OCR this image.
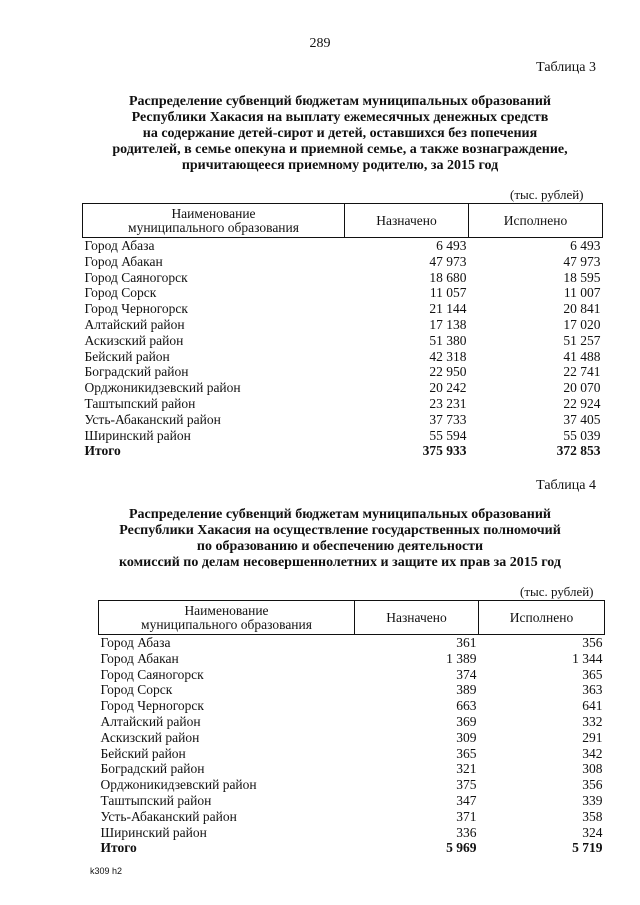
289
Таблица 3
Распределение субвенций бюджетам муниципальных образований
Республики Хакасия на выплату ежемесячных денежных средств
на содержание детей-сирот и детей, оставшихся без попечения
родителей, в семье опекуна и приемной семье, а также вознаграждение,
причитающееся приемному родителю, за 2015 год
(тыс. рублей)
Наименование
муниципального образования	Назначено	Исполнено
Город Абаза	6 493	6 493
Город Абакан	47 973	47 973
Город Саяногорск	18 680	18 595
Город Сорск	11 057	11 007
Город Черногорск	21 144	20 841
Алтайский район	17 138	17 020
Аскизский район	51 380	51 257
Бейский район	42 318	41 488
Боградский район	22 950	22 741
Орджоникидзевский район	20 242	20 070
Таштыпский район	23 231	22 924
Усть-Абаканский район	37 733	37 405
Ширинский район	55 594	55 039
Итого	375 933	372 853
Таблица 4
Распределение субвенций бюджетам муниципальных образований
Республики Хакасия на осуществление государственных полномочий
по образованию и обеспечению деятельности
комиссий по делам несовершеннолетних и защите их прав за 2015 год
(тыс. рублей)
Наименование
муниципального образования	Назначено	Исполнено
Город Абаза	361	356
Город Абакан	1 389	1 344
Город Саяногорск	374	365
Город Сорск	389	363
Город Черногорск	663	641
Алтайский район	369	332
Аскизский район	309	291
Бейский район	365	342
Боградский район	321	308
Орджоникидзевский район	375	356
Таштыпский район	347	339
Усть-Абаканский район	371	358
Ширинский район	336	324
Итого	5 969	5 719
k309 h2
